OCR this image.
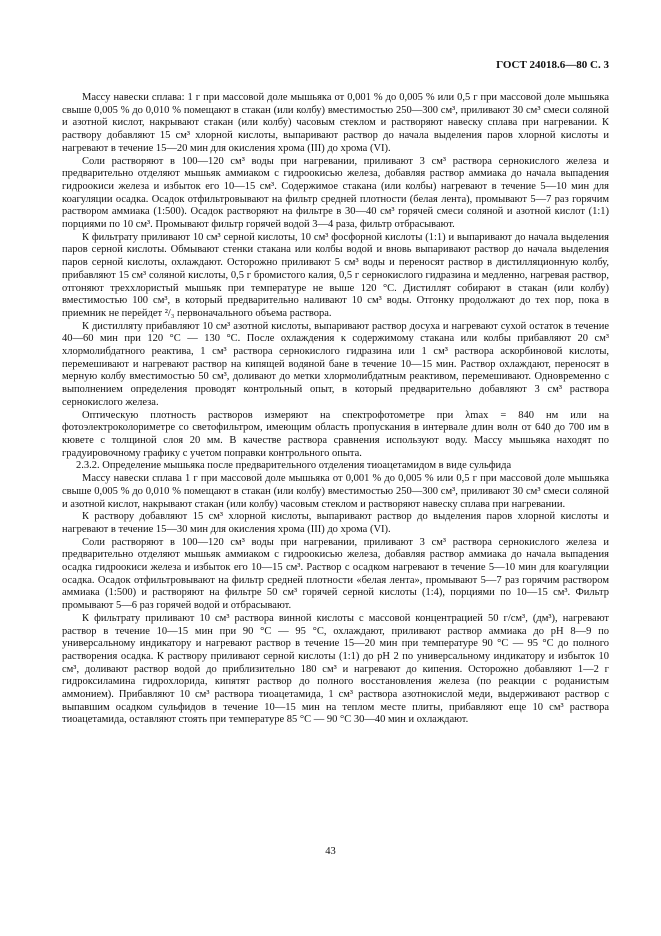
ГОСТ 24018.6—80 С. 3

Массу навески сплава: 1 г при массовой доле мышьяка от 0,001 % до 0,005 % или 0,5 г при массовой доле мышьяка свыше 0,005 % до 0,010 % помещают в стакан (или колбу) вместимостью 250—300 см³, приливают 30 см³ смеси соляной и азотной кислот, накрывают стакан (или колбу) часовым стеклом и растворяют навеску сплава при нагревании. К раствору добавляют 15 см³ хлорной кислоты, выпаривают раствор до начала выделения паров хлорной кислоты и нагревают в течение 15—20 мин для окисления хрома (III) до хрома (VI).

Соли растворяют в 100—120 см³ воды при нагревании, приливают 3 см³ раствора сернокислого железа и предварительно отделяют мышьяк аммиаком с гидроокисью железа, добавляя раствор аммиака до начала выпадения гидроокиси железа и избыток его 10—15 см³. Содержимое стакана (или колбы) нагревают в течение 5—10 мин для коагуляции осадка. Осадок отфильтровывают на фильтр средней плотности (белая лента), промывают 5—7 раз горячим раствором аммиака (1:500). Осадок растворяют на фильтре в 30—40 см³ горячей смеси соляной и азотной кислот (1:1) порциями по 10 см³. Промывают фильтр горячей водой 3—4 раза, фильтр отбрасывают.

К фильтрату приливают 10 см³ серной кислоты, 10 см³ фосфорной кислоты (1:1) и выпаривают до начала выделения паров серной кислоты. Обмывают стенки стакана или колбы водой и вновь выпаривают раствор до начала выделения паров серной кислоты, охлаждают. Осторожно приливают 5 см³ воды и переносят раствор в дистилляционную колбу, прибавляют 15 см³ соляной кислоты, 0,5 г бромистого калия, 0,5 г сернокислого гидразина и медленно, нагревая раствор, отгоняют треххлористый мышьяк при температуре не выше 120 °С. Дистиллят собирают в стакан (или колбу) вместимостью 100 см³, в который предварительно наливают 10 см³ воды. Отгонку продолжают до тех пор, пока в приемник не перейдет ²/₃ первоначального объема раствора.

К дистилляту прибавляют 10 см³ азотной кислоты, выпаривают раствор досуха и нагревают сухой остаток в течение 40—60 мин при 120 °С — 130 °С. После охлаждения к содержимому стакана или колбы прибавляют 20 см³ хлормолибдатного реактива, 1 см³ раствора сернокислого гидразина или 1 см³ раствора аскорбиновой кислоты, перемешивают и нагревают раствор на кипящей водяной бане в течение 10—15 мин. Раствор охлаждают, переносят в мерную колбу вместимостью 50 см³, доливают до метки хлормолибдатным реактивом, перемешивают. Одновременно с выполнением определения проводят контрольный опыт, в который предварительно добавляют 3 см³ раствора сернокислого железа.

Оптическую плотность растворов измеряют на спектрофотометре при λmax = 840 нм или на фотоэлектроколориметре со светофильтром, имеющим область пропускания в интервале длин волн от 640 до 700 им в кювете с толщиной слоя 20 мм. В качестве раствора сравнения используют воду. Массу мышьяка находят по градуировочному графику с учетом поправки контрольного опыта.

2.3.2. Определение мышьяка после предварительного отделения тиоацетамидом в виде сульфида

Массу навески сплава 1 г при массовой доле мышьяка от 0,001 % до 0,005 % или 0,5 г при массовой доле мышьяка свыше 0,005 % до 0,010 % помещают в стакан (или колбу) вместимостью 250—300 см³, приливают 30 см³ смеси соляной и азотной кислот, накрывают стакан (или колбу) часовым стеклом и растворяют навеску сплава при нагревании.

К раствору добавляют 15 см³ хлорной кислоты, выпаривают раствор до выделения паров хлорной кислоты и нагревают в течение 15—30 мин для окисления хрома (III) до хрома (VI).

Соли растворяют в 100—120 см³ воды при нагревании, приливают 3 см³ раствора сернокислого железа и предварительно отделяют мышьяк аммиаком с гидроокисью железа, добавляя раствор аммиака до начала выпадения осадка гидроокиси железа и избыток его 10—15 см³. Раствор с осадком нагревают в течение 5—10 мин для коагуляции осадка. Осадок отфильтровывают на фильтр средней плотности «белая лента», промывают 5—7 раз горячим раствором аммиака (1:500) и растворяют на фильтре 50 см³ горячей серной кислоты (1:4), порциями по 10—15 см³. Фильтр промывают 5—6 раз горячей водой и отбрасывают.

К фильтрату приливают 10 см³ раствора винной кислоты с массовой концентрацией 50 г/см³, (дм³), нагревают раствор в течение 10—15 мин при 90 °С — 95 °С, охлаждают, приливают раствор аммиака до рН 8—9 по универсальному индикатору и нагревают раствор в течение 15—20 мин при температуре 90 °С — 95 °С до полного растворения осадка. К раствору приливают серной кислоты (1:1) до рН 2 по универсальному индикатору и избыток 10 см³, доливают раствор водой до приблизительно 180 см³ и нагревают до кипения. Осторожно добавляют 1—2 г гидроксиламина гидрохлорида, кипятят раствор до полного восстановления железа (по реакции с роданистым аммонием). Прибавляют 10 см³ раствора тиоацетамида, 1 см³ раствора азотнокислой меди, выдерживают раствор с выпавшим осадком сульфидов в течение 10—15 мин на теплом месте плиты, прибавляют еще 10 см³ раствора тиоацетамида, оставляют стоять при температуре 85 °С — 90 °С 30—40 мин и охлаждают.

43
